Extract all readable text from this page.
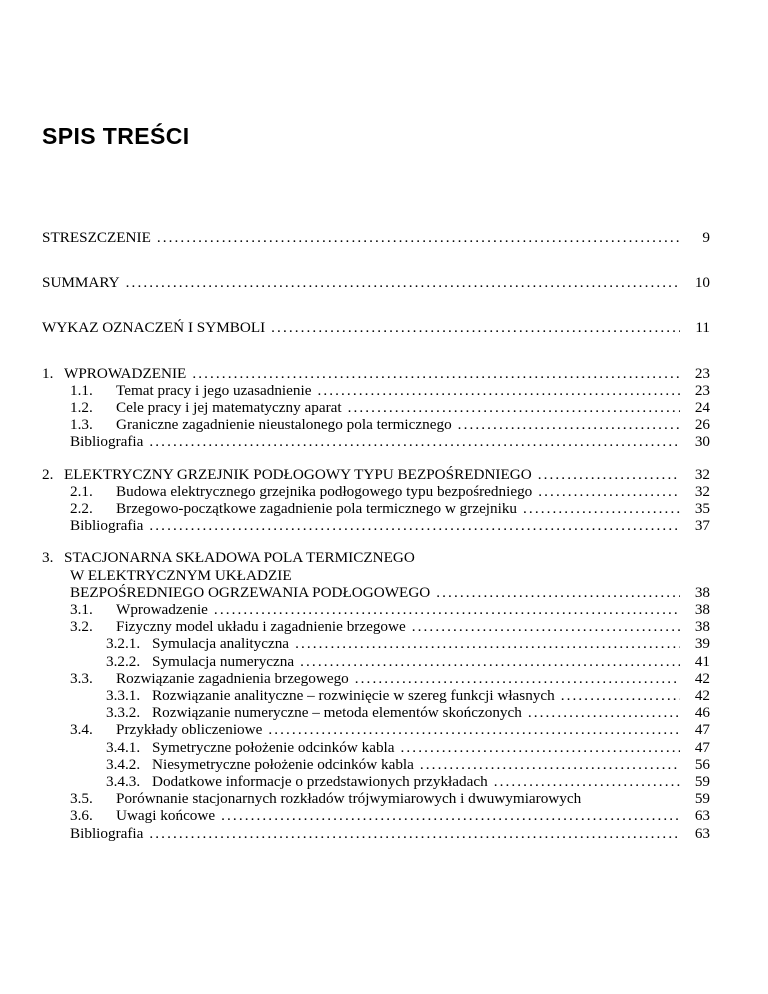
SPIS TREŚCI
STRESZCZENIE .....	9
SUMMARY .....	10
WYKAZ OZNACZEŃ I SYMBOLI .....	11
1. WPROWADZENIE .....	23
1.1.	Temat pracy i jego uzasadnienie .....	23
1.2.	Cele pracy i jej matematyczny aparat .....	24
1.3.	Graniczne zagadnienie nieustalonego pola termicznego .....	26
Bibliografia .....	30
2. ELEKTRYCZNY GRZEJNIK PODŁOGOWY TYPU BEZPOŚREDNIEGO .....	32
2.1.	Budowa elektrycznego grzejnika podłogowego typu bezpośredniego .....	32
2.2.	Brzegowo-początkowe zagadnienie pola termicznego w grzejniku .....	35
Bibliografia .....	37
3. STACJONARNA SKŁADOWA POLA TERMICZNEGO
W ELEKTRYCZNYM UKŁADZIE
BEZPOŚREDNIEGO OGRZEWANIA PODŁOGOWEGO .....	38
3.1.	Wprowadzenie .....	38
3.2.	Fizyczny model układu i zagadnienie brzegowe .....	38
3.2.1. Symulacja analityczna .....	39
3.2.2. Symulacja numeryczna .....	41
3.3.	Rozwiązanie zagadnienia brzegowego .....	42
3.3.1. Rozwiązanie analityczne – rozwinięcie w szereg funkcji własnych .....	42
3.3.2. Rozwiązanie numeryczne – metoda elementów skończonych .....	46
3.4.	Przykłady obliczeniowe .....	47
3.4.1. Symetryczne położenie odcinków kabla .....	47
3.4.2. Niesymetryczne położenie odcinków kabla .....	56
3.4.3. Dodatkowe informacje o przedstawionych przykładach .....	59
3.5.	Porównanie stacjonarnych rozkładów trójwymiarowych i dwuwymiarowych	59
3.6.	Uwagi końcowe .....	63
Bibliografia .....	63
